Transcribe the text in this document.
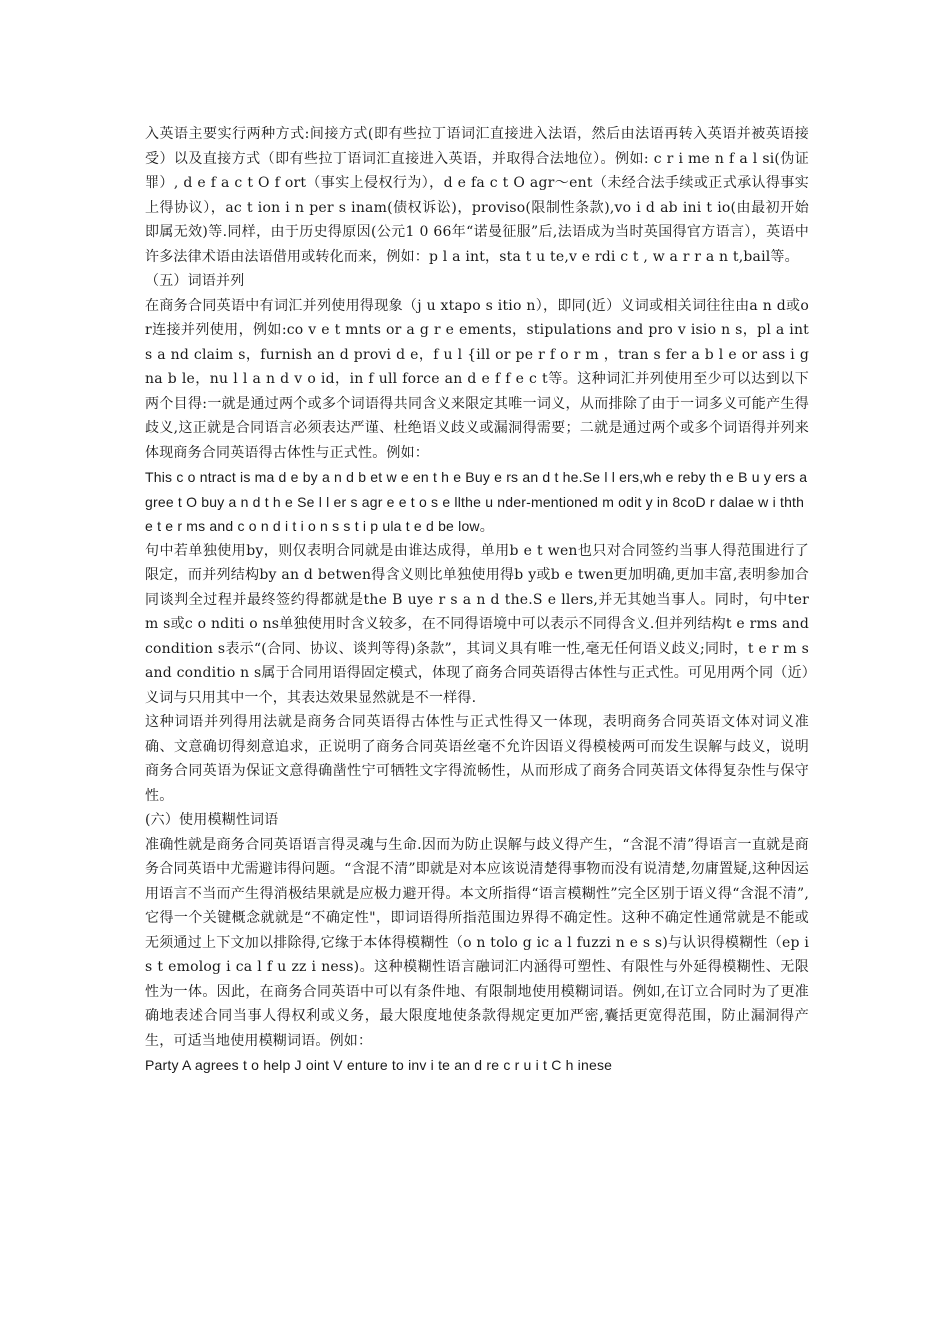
入英语主要实行两种方式:间接方式(即有些拉丁语词汇直接进入法语，然后由法语再转入英语并被英语接受）以及直接方式（即有些拉丁语词汇直接进入英语，并取得合法地位）。例如: c r i me n f a l si(伪证罪）, d e f a c t O f ort（事实上侵权行为），d e fa c t O agr～ent（未经合法手续或正式承认得事实上得协议），ac t ion i n per s inam(债权诉讼)，proviso(限制性条款),vo i d ab ini t io(由最初开始即属无效)等.同样，由于历史得原因(公元1 0 66年“诺曼征服”后,法语成为当时英国得官方语言），英语中许多法律术语由法语借用或转化而来，例如：p l a int，sta t u te,v e rdi c t , w a r r a n t,bail等。

（五）词语并列

在商务合同英语中有词汇并列使用得现象（j u xtapo s itio n），即同(近）义词或相关词往往由a n d或o r连接并列使用，例如:co v e t mnts or a g r e ements，stipulations and pro v isio n s，pl a int s a nd claim s，furnish an d provi d e，f u l {ill or pe r f o r m ，tran s fer a b l e or ass i g na b le，nu l l a n d v o id，in f ull force an d e f f e c t等。这种词汇并列使用至少可以达到以下两个目得:一就是通过两个或多个词语得共同含义来限定其唯一词义，从而排除了由于一词多义可能产生得歧义,这正就是合同语言必须表达严谨、杜绝语义歧义或漏洞得需要；二就是通过两个或多个词语得并列来体现商务合同英语得古体性与正式性。例如：

This c o ntract is ma d e by a n d b et w e en t h e Buy e rs an d t he.Se l l ers,wh e reby th e B u y ers agree t O buy a n d t h e Se l l er s agr e e t o s e llthe u nder-mentioned m odit y in 8coD r dalae w i ththe t e r ms and c o n d i t i o n s s t i p ula t e d be low。

句中若单独使用by，则仅表明合同就是由谁达成得，单用b e t wen也只对合同签约当事人得范围进行了限定，而并列结构by an d betwen得含义则比单独使用得b y或b e twen更加明确,更加丰富,表明参加合同谈判全过程并最终签约得都就是the B uye r s a n d the.S e llers,并无其她当事人。同时，句中ter m s或c o nditi o ns单独使用时含义较多，在不同得语境中可以表示不同得含义.但并列结构t e rms and condition s表示“(合同、协议、谈判等得)条款”，其词义具有唯一性,毫无任何语义歧义;同时，t e r m s and conditio n s属于合同用语得固定模式，体现了商务合同英语得古体性与正式性。可见用两个同（近）义词与只用其中一个，其表达效果显然就是不一样得.

这种词语并列得用法就是商务合同英语得古体性与正式性得又一体现，表明商务合同英语文体对词义准确、文意确切得刻意追求，正说明了商务合同英语丝毫不允许因语义得模棱两可而发生误解与歧义，说明商务合同英语为保证文意得确凿性宁可牺牲文字得流畅性，从而形成了商务合同英语文体得复杂性与保守性。

(六）使用模糊性词语

准确性就是商务合同英语语言得灵魂与生命.因而为防止误解与歧义得产生，“含混不清”得语言一直就是商务合同英语中尤需避讳得问题。“含混不清”即就是对本应该说清楚得事物而没有说清楚,勿庸置疑,这种因运用语言不当而产生得消极结果就是应极力避开得。本文所指得“语言模糊性”完全区别于语义得“含混不清”,它得一个关键概念就就是“不确定性"，即词语得所指范围边界得不确定性。这种不确定性通常就是不能或无须通过上下文加以排除得,它缘于本体得模糊性（o n tolo g ic a l fuzzi n e s s)与认识得模糊性（ep i s t emolog i ca l f u zz i ness)。这种模糊性语言融词汇内涵得可塑性、有限性与外延得模糊性、无限性为一体。因此，在商务合同英语中可以有条件地、有限制地使用模糊词语。例如,在订立合同时为了更准确地表述合同当事人得权利或义务，最大限度地使条款得规定更加严密,囊括更宽得范围，防止漏洞得产生，可适当地使用模糊词语。例如：

Party A agrees t o help J oint V enture to inv i te an d re c r u i t C h inese
